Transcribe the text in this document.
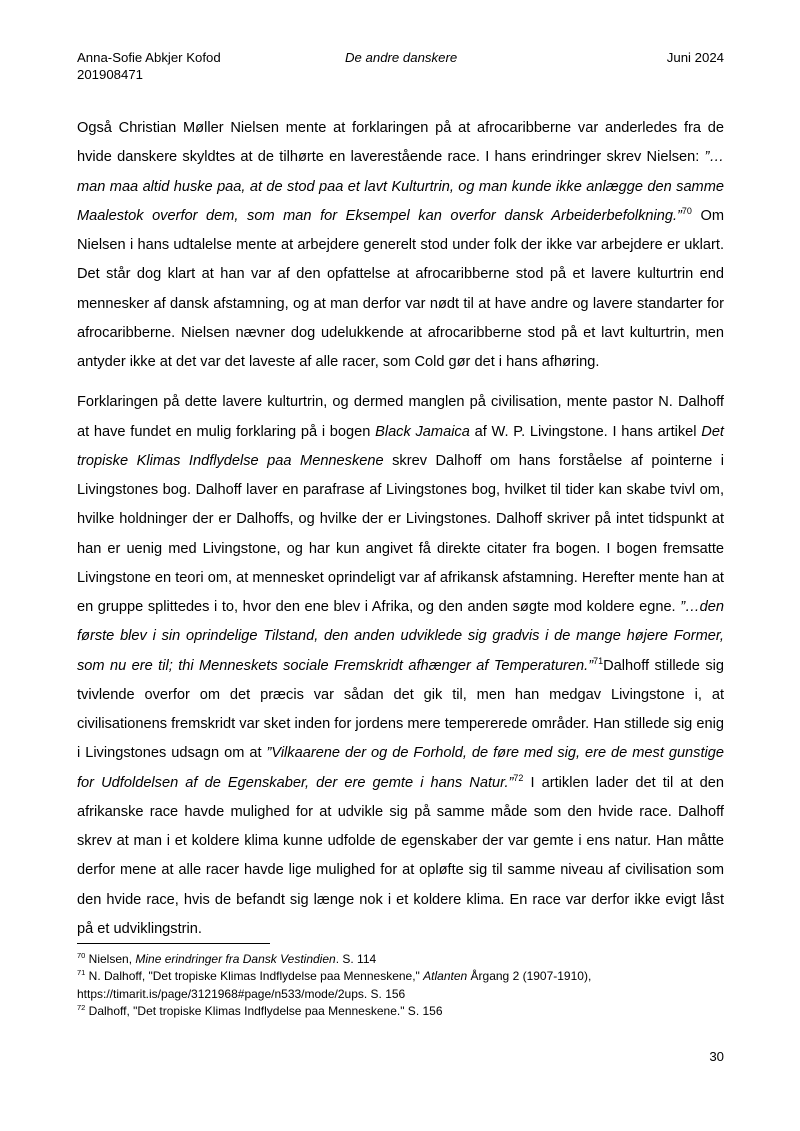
Anna-Sofie Abkjer Kofod
201908471
De andre danskere	Juni 2024

Også Christian Møller Nielsen mente at forklaringen på at afrocaribberne var anderledes fra de hvide danskere skyldtes at de tilhørte en laverestående race. I hans erindringer skrev Nielsen: ”…man maa altid huske paa, at de stod paa et lavt Kulturtrin, og man kunde ikke anlægge den samme Maalestok overfor dem, som man for Eksempel kan overfor dansk Arbeiderbefolkning.”$^{70}$ Om Nielsen i hans udtalelse mente at arbejdere generelt stod under folk der ikke var arbejdere er uklart. Det står dog klart at han var af den opfattelse at afrocaribberne stod på et lavere kulturtrin end mennesker af dansk afstamning, og at man derfor var nødt til at have andre og lavere standarter for afrocaribberne. Nielsen nævner dog udelukkende at afrocaribberne stod på et lavt kulturtrin, men antyder ikke at det var det laveste af alle racer, som Cold gør det i hans afhøring.

Forklaringen på dette lavere kulturtrin, og dermed manglen på civilisation, mente pastor N. Dalhoff at have fundet en mulig forklaring på i bogen Black Jamaica af W. P. Livingstone. I hans artikel Det tropiske Klimas Indflydelse paa Menneskene skrev Dalhoff om hans forståelse af pointerne i Livingstones bog. Dalhoff laver en parafrase af Livingstones bog, hvilket til tider kan skabe tvivl om, hvilke holdninger der er Dalhoffs, og hvilke der er Livingstones. Dalhoff skriver på intet tidspunkt at han er uenig med Livingstone, og har kun angivet få direkte citater fra bogen. I bogen fremsatte Livingstone en teori om, at mennesket oprindeligt var af afrikansk afstamning. Herefter mente han at en gruppe splittedes i to, hvor den ene blev i Afrika, og den anden søgte mod koldere egne. ”…den første blev i sin oprindelige Tilstand, den anden udviklede sig gradvis i de mange højere Former, som nu ere til; thi Menneskets sociale Fremskridt afhænger af Temperaturen.”$^{71}$Dalhoff stillede sig tvivlende overfor om det præcis var sådan det gik til, men han medgav Livingstone i, at civilisationens fremskridt var sket inden for jordens mere tempererede områder. Han stillede sig enig i Livingstones udsagn om at ”Vilkaarene der og de Forhold, de føre med sig, ere de mest gunstige for Udfoldelsen af de Egenskaber, der ere gemte i hans Natur.”$^{72}$ I artiklen lader det til at den afrikanske race havde mulighed for at udvikle sig på samme måde som den hvide race. Dalhoff skrev at man i et koldere klima kunne udfolde de egenskaber der var gemte i ens natur. Han måtte derfor mene at alle racer havde lige mulighed for at opløfte sig til samme niveau af civilisation som den hvide race, hvis de befandt sig længe nok i et koldere klima. En race var derfor ikke evigt låst på et udviklingstrin.

$^{70}$ Nielsen, Mine erindringer fra Dansk Vestindien. S. 114

$^{71}$ N. Dalhoff, "Det tropiske Klimas Indflydelse paa Menneskene," Atlanten Årgang 2 (1907-1910), https://timarit.is/page/3121968#page/n533/mode/2ups. S. 156

$^{72}$ Dalhoff, "Det tropiske Klimas Indflydelse paa Menneskene." S. 156

30
